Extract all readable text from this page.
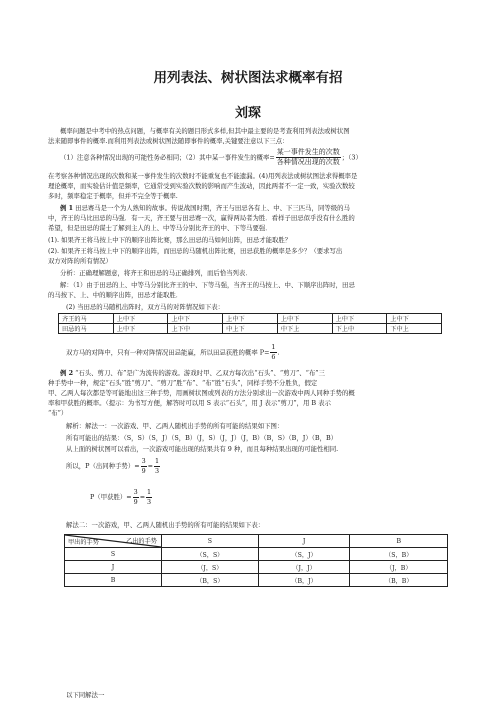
用列表法、树状图法求概率有招
刘琛
概率问题是中考中的热点问题，与概率有关的题目形式多样,但其中最主要的是考查利用列表法或树状图
法来随即事件的概率.而利用列表法或树状图法随即事件的概率,关键要注意以下三点：
（1）注意各种情况出现的可能性务必相同；（2）其中某一事件发生的概率= $\frac{\text{某一事件发生的次数}}{\text{各种情况出现的次数}}$ ；（3）
在考察各种情况出现的次数和某一事件发生的次数时不能重复也不能遗漏。(4)用列表法或树状图法求得概率是
理论概率，而实验估计值是频率，它通常受到实验次数的影响而产生波动，因此两者不一定一致，实验次数较
多时，频率稳定于概率，但并不完全等于概率.
例 1 田忌赛马是一个为人熟知的故事。传说战国时期，齐王与田忌各有上、中、下三匹马，同等级的马
中，齐王的马比田忌的马强．有一天，齐王要与田忌赛一次，赢得两局者为胜．看样子田忌似乎没有什么胜的
希望，但是田忌的谋士了解到主人的上、中等马分别比齐王的中、下等马要强．
(1). 如果齐王将马按上中下的顺序出阵比赛，那么田忌的马如何出阵，田忌才能取胜？
(2). 如果齐王将马按上中下的顺序出阵，而田忌的马随机出阵比赛，田忌获胜的概率是多少？（要求写出
双方对阵的所有情况）
分析：正确理解题意，将齐王和田忌的马正确排列，而后恰当列表．
解：（1）由于田忌的上、中等马分别比齐王的中、下等马强，当齐王的马按上、中、下顺序出阵时，田忌
的马按下、上、中的顺序出阵，田忌才能取胜．
(2) 当田忌的马随机出阵时，双方马的对阵情况如下表：
齐王的马	上中下	上中下	上中下	上中下	上中下	上中下
田忌的马	上中下	上下中	中上下	中下上	下上中	下中上
双方马的对阵中，只有一种对阵情况田忌能赢，所以田忌获胜的概率 $P= \frac{1}{6}$ .
例 2 “石头、剪刀、布”是广为流传的游戏。游戏时甲、乙双方每次出“石头”、“剪刀”、“布”三
种手势中一种，规定“石头”胜“剪刀”、“剪刀”胜“布”、“布”胜“石头”，同样手势不分胜负，假定
甲、乙两人每次都是等可能地出这三种手势，用画树状图或列表的方法分别求出一次游戏中两人同种手势的概
率和甲获胜的概率。（提示：为书写方便，解答时可以用 S 表示“石头”，用 J 表示“剪刀”，用 B 表示
“布”）
解析：解法一：一次游戏、甲、乙两人随机出手势的所有可能的结果如下图：
所有可能出的结果：（S，S）（S，J）（S，B）（J，S）（J，J）（J，B）（B，S）（B，J）（B，B）
从上面的树状图可以看出，一次游戏可能出现的结果共有 9 种，而且每种结果出现的可能性相同.
所以，P（出同种手势）= $\frac{3}{9} = \frac{1}{3}$
P（甲获胜）= $\frac{3}{9} = \frac{1}{3}$
解法二：一次游戏，甲、乙两人随机出手势的所有可能的结果如下表：
乙出的手势
甲出的手势	S	J	B
S	（S，S）	（S，J）	（S，B）
J	（J，S）	（J，J）	（J，B）
B	（B，S）	（B，J）	（B，B）
以下同解法一
